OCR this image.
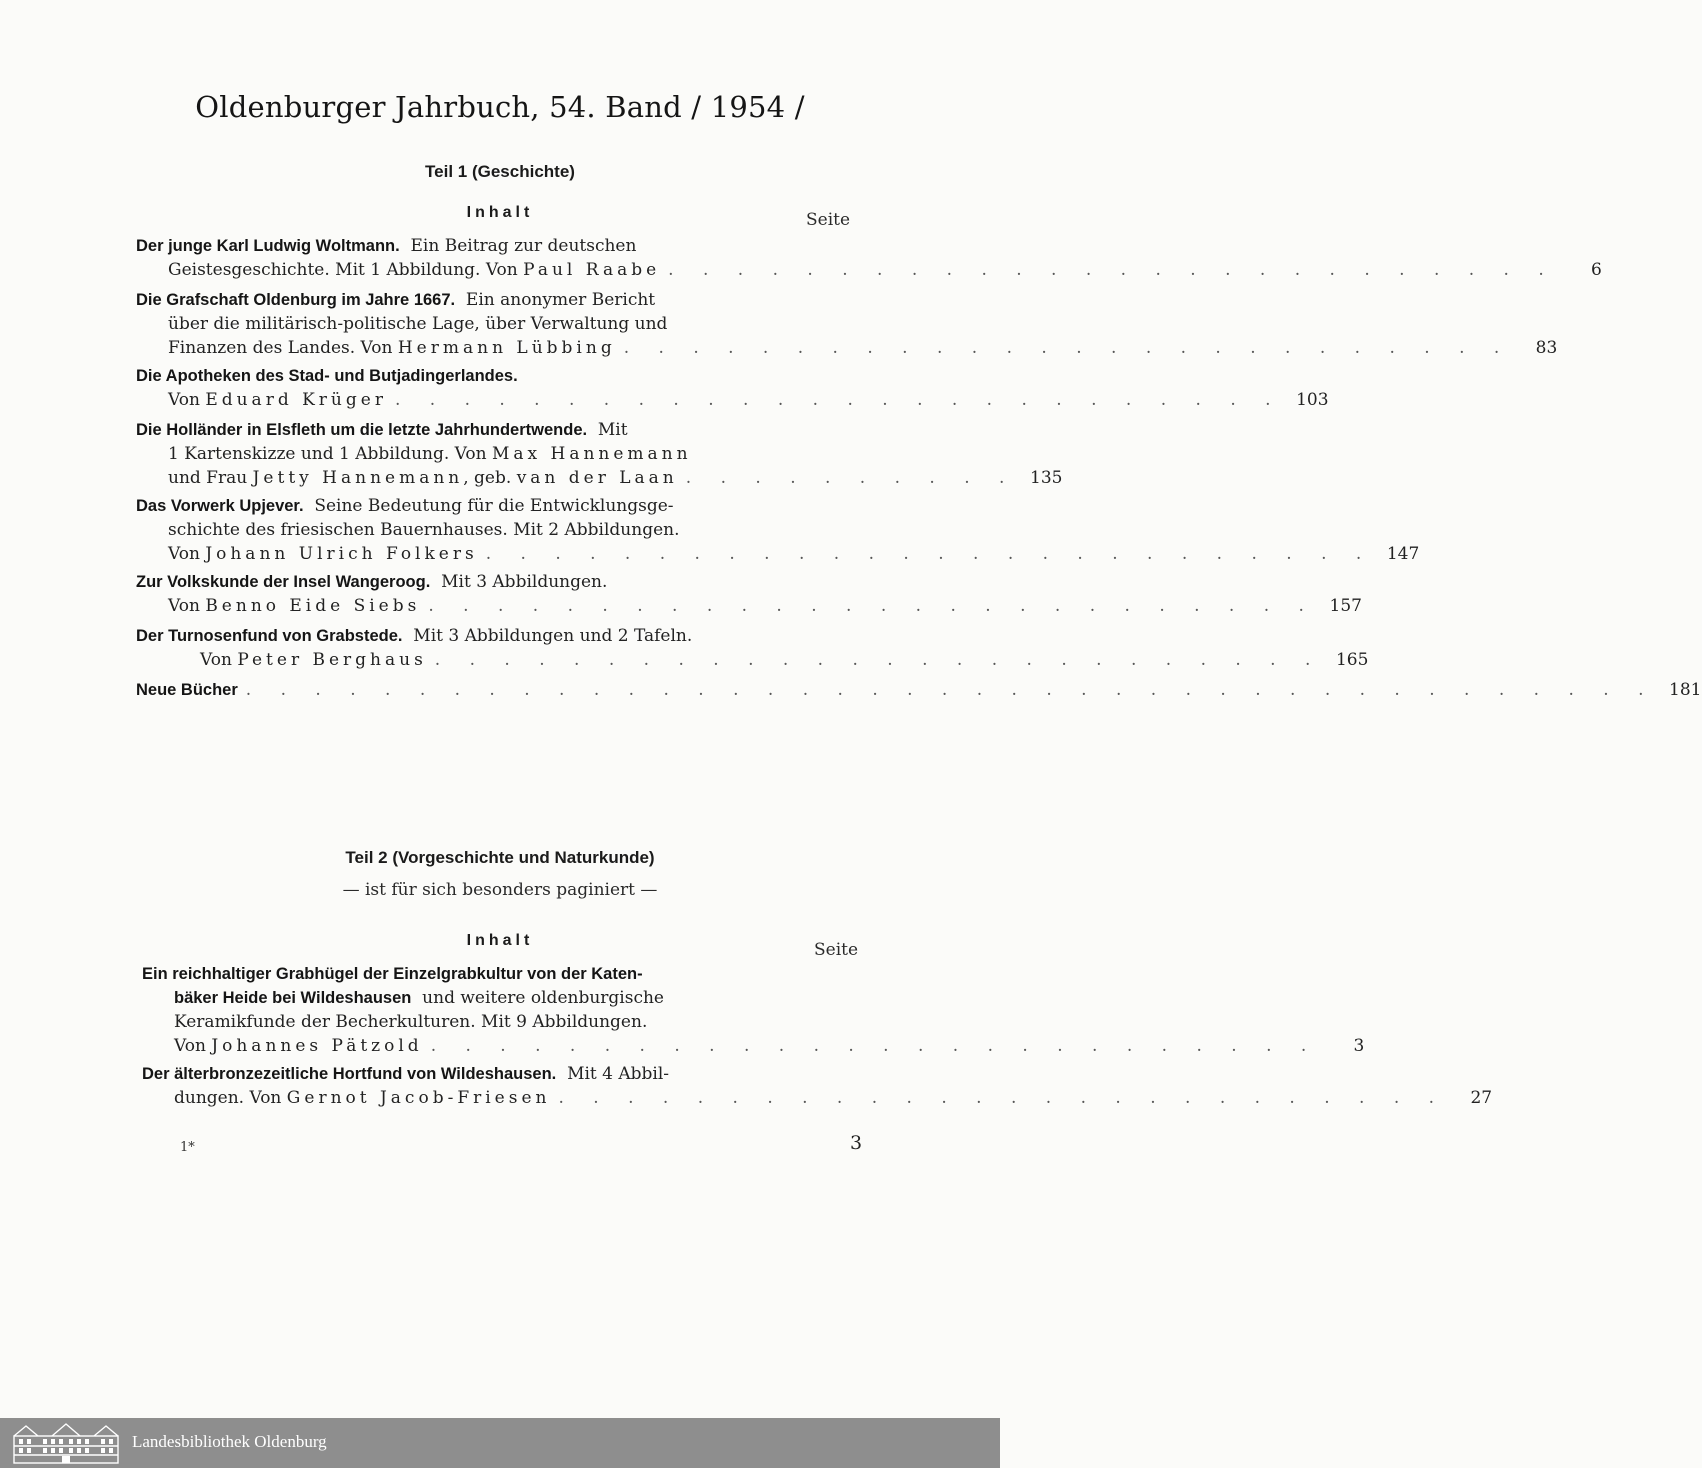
Oldenburger Jahrbuch, 54. Band / 1954 /
Teil 1 (Geschichte)
Inhalt	Seite
Der junge Karl Ludwig Woltmann. Ein Beitrag zur deutschen
Geistesgeschichte. Mit 1 Abbildung. Von Paul Raabe . . . . . . . . . . . . . . . . . . . . . . . . . .	6
Die Grafschaft Oldenburg im Jahre 1667. Ein anonymer Bericht
über die militärisch-politische Lage, über Verwaltung und
Finanzen des Landes. Von Hermann Lübbing . . . . . . . . . . . . . . . . . . . . . . . . . .	83
Die Apotheken des Stad- und Butjadingerlandes.
Von Eduard Krüger . . . . . . . . . . . . . . . . . . . . . . . . . . 103
Die Holländer in Elsfleth um die letzte Jahrhundertwende. Mit
1 Kartenskizze und 1 Abbildung. Von Max Hannemann
und Frau Jetty Hannemann, geb. van der Laan . . . . . . . . . . 135
Das Vorwerk Upjever. Seine Bedeutung für die Entwicklungsge-
schichte des friesischen Bauernhauses. Mit 2 Abbildungen.
Von Johann Ulrich Folkers . . . . . . . . . . . . . . . . . . . . . . . . . . 147
Zur Volkskunde der Insel Wangeroog. Mit 3 Abbildungen.
Von Benno Eide Siebs . . . . . . . . . . . . . . . . . . . . . . . . . . 157
Der Turnosenfund von Grabstede. Mit 3 Abbildungen und 2 Tafeln.
Von Peter Berghaus . . . . . . . . . . . . . . . . . . . . . . . . . . 165
Neue Bücher . . . . . . . . . . . . . . . . . . . . . . . . . . . . . . . . . . . . . . . . . 181
Teil 2 (Vorgeschichte und Naturkunde)
— ist für sich besonders paginiert —
Inhalt	Seite
Ein reichhaltiger Grabhügel der Einzelgrabkultur von der Katen-
bäker Heide bei Wildeshausen und weitere oldenburgische
Keramikfunde der Becherkulturen. Mit 9 Abbildungen.
Von Johannes Pätzold . . . . . . . . . . . . . . . . . . . . . . . . . .	3
Der älterbronzezeitliche Hortfund von Wildeshausen. Mit 4 Abbil-
dungen. Von Gernot Jacob-Friesen . . . . . . . . . . . . . . . . . . . . . . . . . .	27
1*	3
Landesbibliothek Oldenburg
